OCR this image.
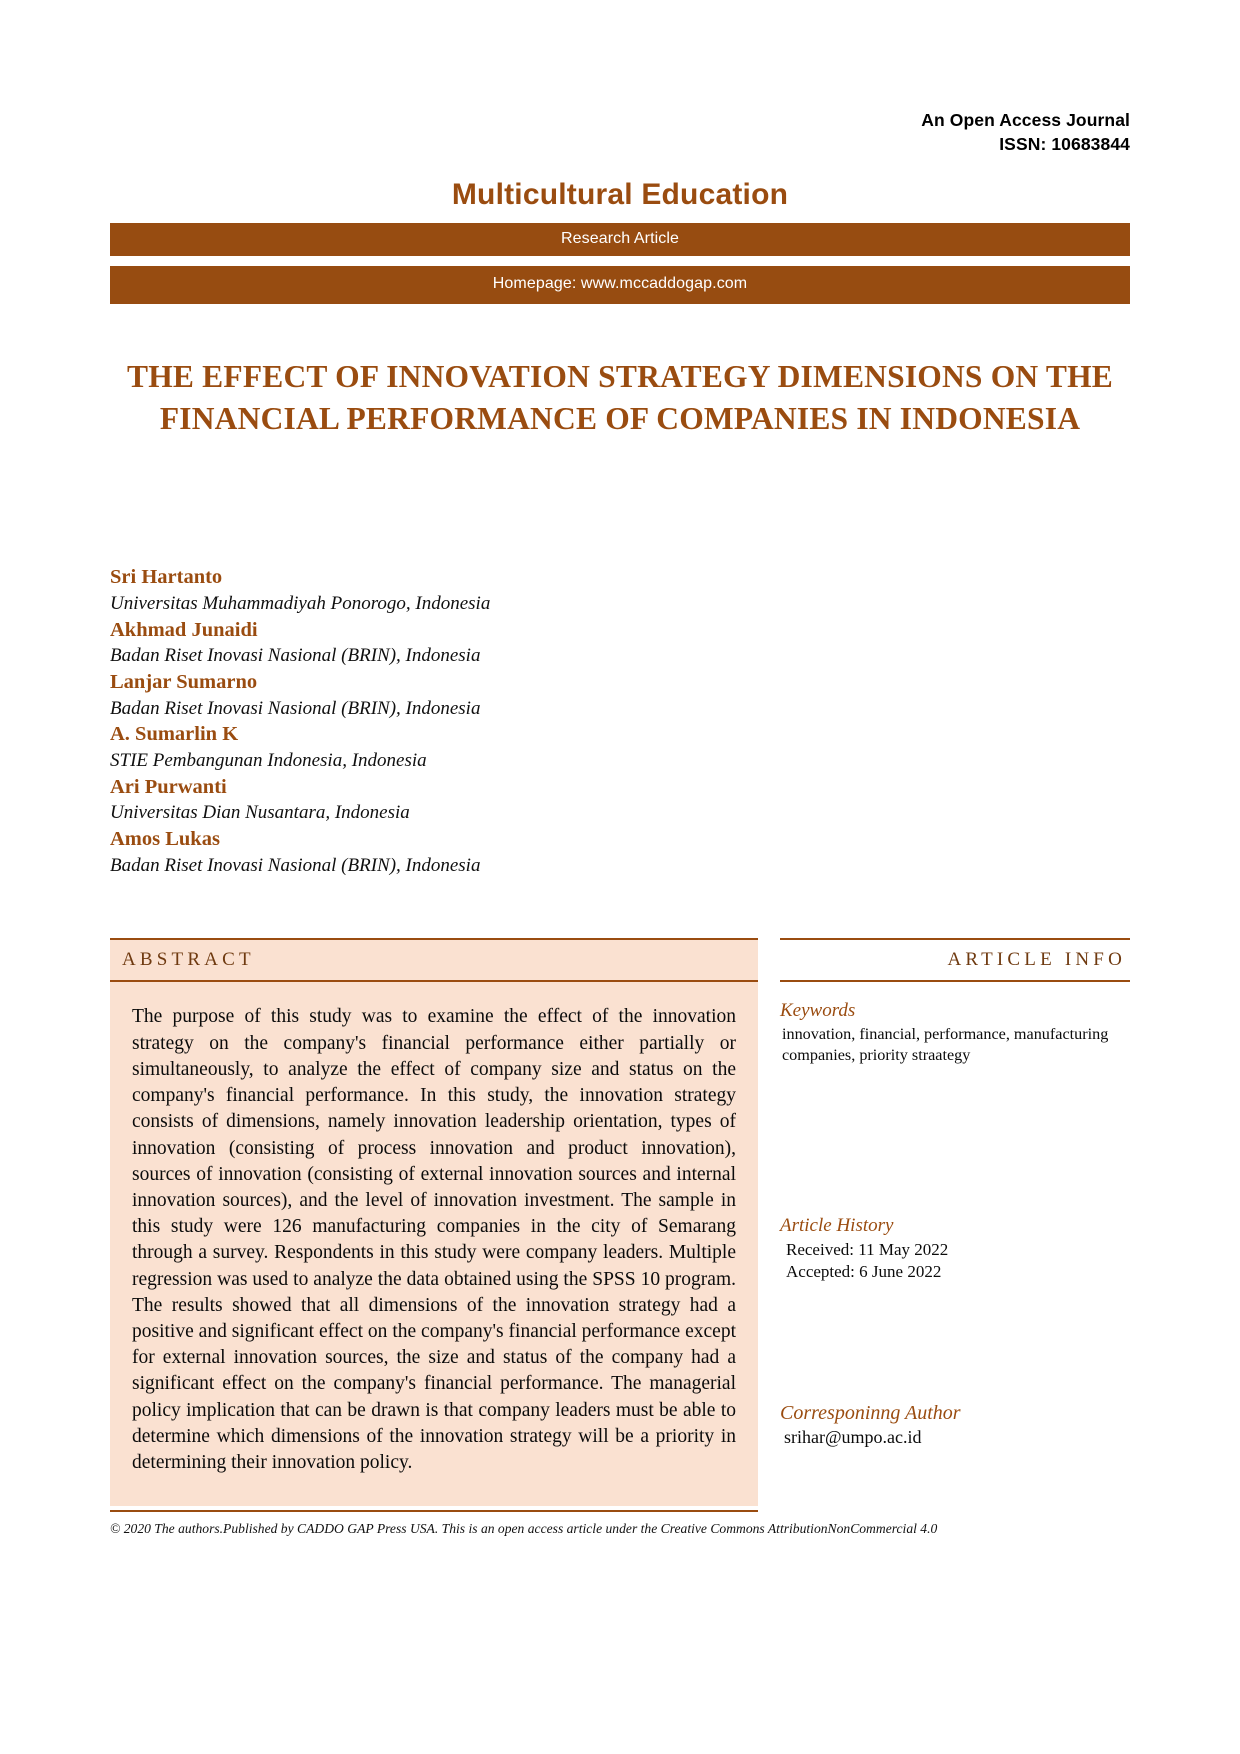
An Open Access Journal
ISSN: 10683844
Multicultural Education
Research Article
Homepage: www.mccaddogap.com
THE EFFECT OF INNOVATION STRATEGY DIMENSIONS ON THE FINANCIAL PERFORMANCE OF COMPANIES IN INDONESIA
Sri Hartanto
Universitas Muhammadiyah Ponorogo, Indonesia
Akhmad Junaidi
Badan Riset Inovasi Nasional (BRIN), Indonesia
Lanjar Sumarno
Badan Riset Inovasi Nasional (BRIN), Indonesia
A. Sumarlin K
STIE Pembangunan Indonesia, Indonesia
Ari Purwanti
Universitas Dian Nusantara, Indonesia
Amos Lukas
Badan Riset Inovasi Nasional (BRIN), Indonesia
ABSTRACT
The purpose of this study was to examine the effect of the innovation strategy on the company's financial performance either partially or simultaneously, to analyze the effect of company size and status on the company's financial performance. In this study, the innovation strategy consists of dimensions, namely innovation leadership orientation, types of innovation (consisting of process innovation and product innovation), sources of innovation (consisting of external innovation sources and internal innovation sources), and the level of innovation investment. The sample in this study were 126 manufacturing companies in the city of Semarang through a survey. Respondents in this study were company leaders. Multiple regression was used to analyze the data obtained using the SPSS 10 program. The results showed that all dimensions of the innovation strategy had a positive and significant effect on the company's financial performance except for external innovation sources, the size and status of the company had a significant effect on the company's financial performance. The managerial policy implication that can be drawn is that company leaders must be able to determine which dimensions of the innovation strategy will be a priority in determining their innovation policy.
ARTICLE INFO
Keywords
innovation, financial, performance, manufacturing companies, priority straategy
Article History
Received: 11 May 2022
Accepted: 6 June 2022
Corresponinng Author
srihar@umpo.ac.id
© 2020 The authors.Published by CADDO GAP Press USA. This is an open access article under the Creative Commons AttributionNonCommercial 4.0
